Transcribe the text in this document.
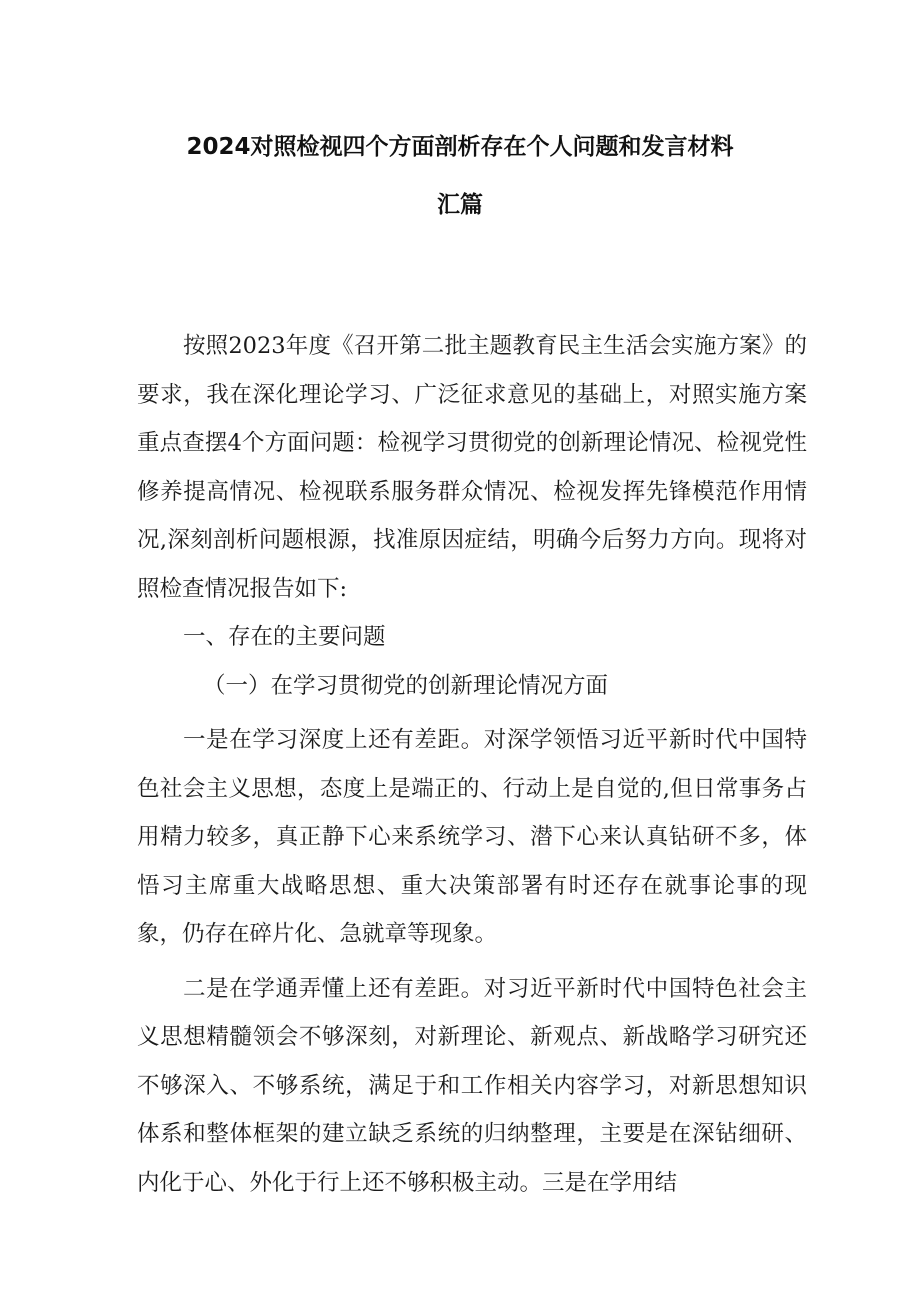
2024对照检视四个方面剖析存在个人问题和发言材料
汇篇

按照2023年度《召开第二批主题教育民主生活会实施方案》的要求，我在深化理论学习、广泛征求意见的基础上，对照实施方案重点查摆4个方面问题：检视学习贯彻党的创新理论情况、检视党性修养提高情况、检视联系服务群众情况、检视发挥先锋模范作用情况,深刻剖析问题根源，找准原因症结，明确今后努力方向。现将对照检查情况报告如下:

一、存在的主要问题

（一）在学习贯彻党的创新理论情况方面

一是在学习深度上还有差距。对深学领悟习近平新时代中国特色社会主义思想，态度上是端正的、行动上是自觉的,但日常事务占用精力较多，真正静下心来系统学习、潜下心来认真钻研不多，体悟习主席重大战略思想、重大决策部署有时还存在就事论事的现象，仍存在碎片化、急就章等现象。

二是在学通弄懂上还有差距。对习近平新时代中国特色社会主义思想精髓领会不够深刻，对新理论、新观点、新战略学习研究还不够深入、不够系统，满足于和工作相关内容学习，对新思想知识体系和整体框架的建立缺乏系统的归纳整理，主要是在深钻细研、内化于心、外化于行上还不够积极主动。三是在学用结
